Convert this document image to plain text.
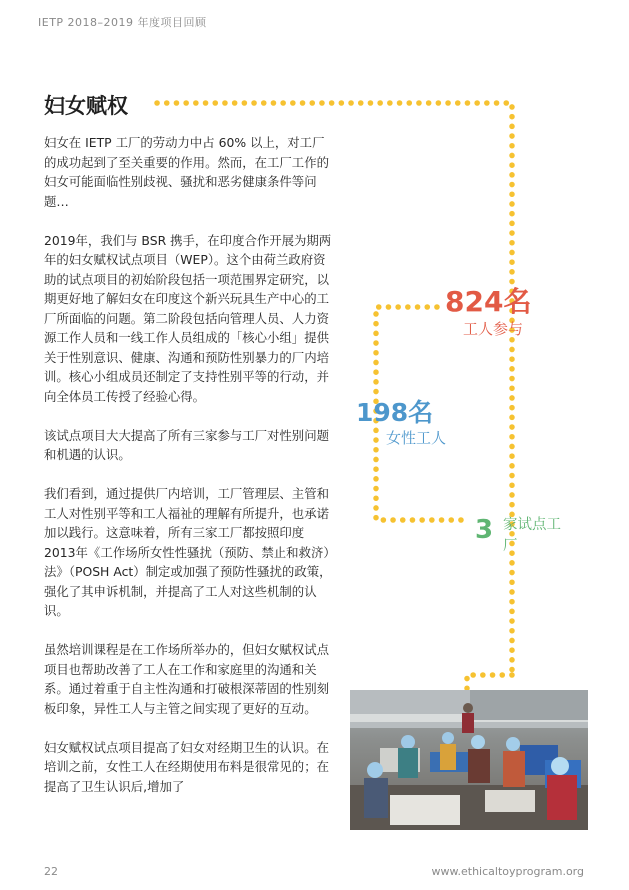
IETP 2018–2019 年度项目回顾
妇女赋权

妇女在 IETP 工厂的劳动力中占 60% 以上，对工厂的成功起到了至关重要的作用。然而，在工厂工作的妇女可能面临性别歧视、骚扰和恶劣健康条件等问题…

2019年，我们与 BSR 携手，在印度合作开展为期两年的妇女赋权试点项目（WEP）。这个由荷兰政府资助的试点项目的初始阶段包括一项范围界定研究，以期更好地了解妇女在印度这个新兴玩具生产中心的工厂所面临的问题。第二阶段包括向管理人员、人力资源工作人员和一线工作人员组成的「核心小组」提供关于性别意识、健康、沟通和预防性别暴力的厂内培训。核心小组成员还制定了支持性别平等的行动，并向全体员工传授了经验心得。

该试点项目大大提高了所有三家参与工厂对性别问题和机遇的认识。

我们看到，通过提供厂内培训，工厂管理层、主管和工人对性别平等和工人福祉的理解有所提升，也承诺加以践行。这意味着，所有三家工厂都按照印度2013年《工作场所女性性骚扰（预防、禁止和救济）法》（POSH Act）制定或加强了预防性骚扰的政策，强化了其申诉机制，并提高了工人对这些机制的认识。

虽然培训课程是在工作场所举办的，但妇女赋权试点项目也帮助改善了工人在工作和家庭里的沟通和关系。通过着重于自主性沟通和打破根深蒂固的性别刻板印象，异性工人与主管之间实现了更好的互动。

妇女赋权试点项目提高了妇女对经期卫生的认识。在培训之前，女性工人在经期使用布料是很常见的；在提高了卫生认识后,增加了

824名
工人参与
198名
女性工人
3 家试点工厂
22	www.ethicaltoyprogram.org
